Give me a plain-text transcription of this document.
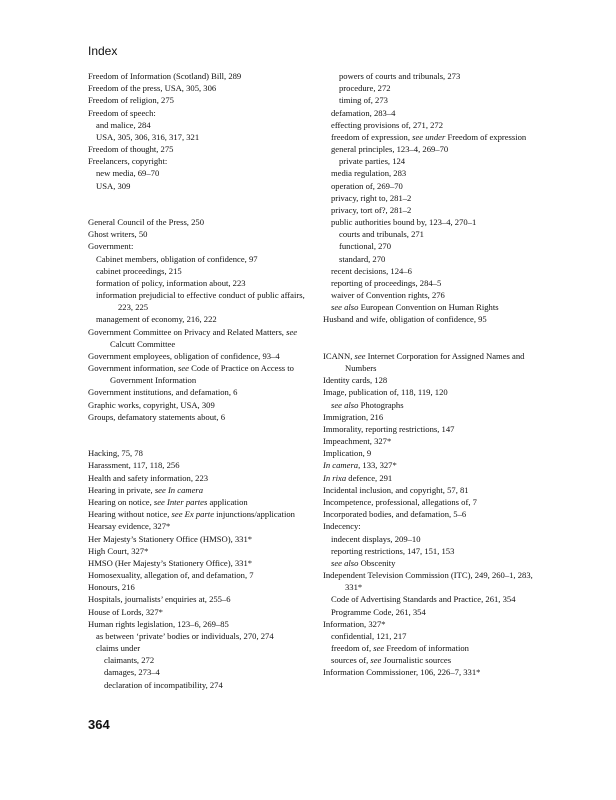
Index
Freedom of Information (Scotland) Bill, 289
Freedom of the press, USA, 305, 306
Freedom of religion, 275
Freedom of speech:
and malice, 284
USA, 305, 306, 316, 317, 321
Freedom of thought, 275
Freelancers, copyright:
new media, 69–70
USA, 309
General Council of the Press, 250
Ghost writers, 50
Government:
Cabinet members, obligation of confidence, 97
cabinet proceedings, 215
formation of policy, information about, 223
information prejudicial to effective conduct of public affairs, 223, 225
management of economy, 216, 222
Government Committee on Privacy and Related Matters, see Calcutt Committee
Government employees, obligation of confidence, 93–4
Government information, see Code of Practice on Access to Government Information
Government institutions, and defamation, 6
Graphic works, copyright, USA, 309
Groups, defamatory statements about, 6
Hacking, 75, 78
Harassment, 117, 118, 256
Health and safety information, 223
Hearing in private, see In camera
Hearing on notice, see Inter partes application
Hearing without notice, see Ex parte injunctions/application
Hearsay evidence, 327*
Her Majesty’s Stationery Office (HMSO), 331*
High Court, 327*
HMSO (Her Majesty’s Stationery Office), 331*
Homosexuality, allegation of, and defamation, 7
Honours, 216
Hospitals, journalists’ enquiries at, 255–6
House of Lords, 327*
Human rights legislation, 123–6, 269–85
as between ‘private’ bodies or individuals, 270, 274
claims under
claimants, 272
damages, 273–4
declaration of incompatibility, 274
powers of courts and tribunals, 273
procedure, 272
timing of, 273
defamation, 283–4
effecting provisions of, 271, 272
freedom of expression, see under Freedom of expression
general principles, 123–4, 269–70
private parties, 124
media regulation, 283
operation of, 269–70
privacy, right to, 281–2
privacy, tort of?, 281–2
public authorities bound by, 123–4, 270–1
courts and tribunals, 271
functional, 270
standard, 270
recent decisions, 124–6
reporting of proceedings, 284–5
waiver of Convention rights, 276
see also European Convention on Human Rights
Husband and wife, obligation of confidence, 95
ICANN, see Internet Corporation for Assigned Names and Numbers
Identity cards, 128
Image, publication of, 118, 119, 120
see also Photographs
Immigration, 216
Immorality, reporting restrictions, 147
Impeachment, 327*
Implication, 9
In camera, 133, 327*
In rixa defence, 291
Incidental inclusion, and copyright, 57, 81
Incompetence, professional, allegations of, 7
Incorporated bodies, and defamation, 5–6
Indecency:
indecent displays, 209–10
reporting restrictions, 147, 151, 153
see also Obscenity
Independent Television Commission (ITC), 249, 260–1, 283, 331*
Code of Advertising Standards and Practice, 261, 354
Programme Code, 261, 354
Information, 327*
confidential, 121, 217
freedom of, see Freedom of information
sources of, see Journalistic sources
Information Commissioner, 106, 226–7, 331*
364
